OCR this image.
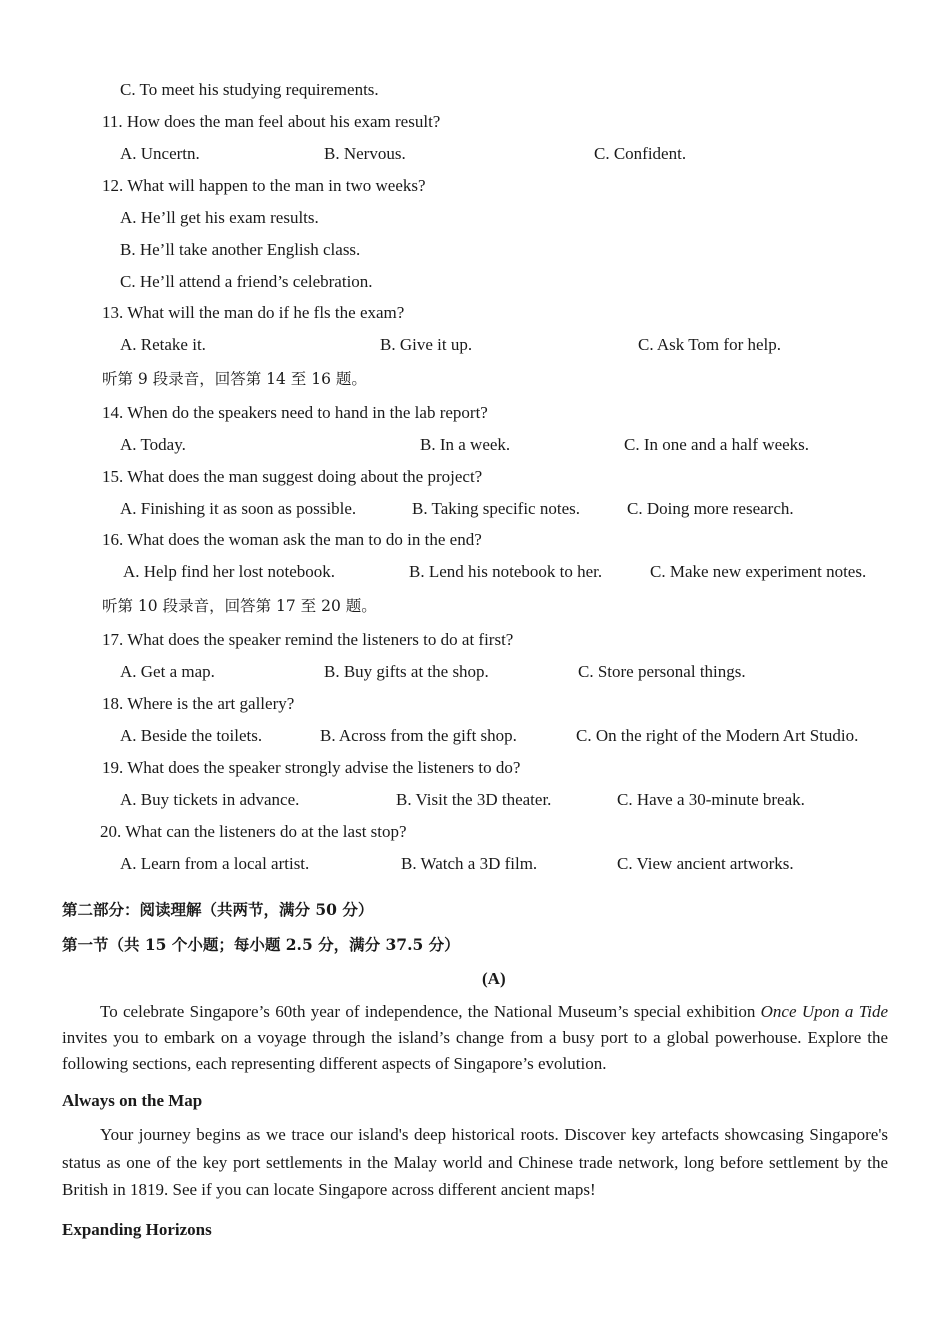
C. To meet his studying requirements.
11. How does the man feel about his exam result?
A. Uncertn.	B. Nervous.	C. Confident.
12. What will happen to the man in two weeks?
A. He’ll get his exam results.
B. He’ll take another English class.
C. He’ll attend a friend’s celebration.
13. What will the man do if he fls the exam?
A. Retake it.	B. Give it up.	C. Ask Tom for help.
听第 9 段录音，回答第 14 至 16 题。
14. When do the speakers need to hand in the lab report?
A. Today.	B. In a week.	C. In one and a half weeks.
15. What does the man suggest doing about the project?
A. Finishing it as soon as possible.	B. Taking specific notes.	C. Doing more research.
16. What does the woman ask the man to do in the end?
A. Help find her lost notebook.	B. Lend his notebook to her.	C. Make new experiment notes.
听第 10 段录音，回答第 17 至 20 题。
17. What does the speaker remind the listeners to do at first?
A. Get a map.	B. Buy gifts at the shop.	C. Store personal things.
18. Where is the art gallery?
A. Beside the toilets.	B. Across from the gift shop.	C. On the right of the Modern Art Studio.
19. What does the speaker strongly advise the listeners to do?
A. Buy tickets in advance.	B. Visit the 3D theater.	C. Have a 30-minute break.
20. What can the listeners do at the last stop?
A. Learn from a local artist.	B. Watch a 3D film.	C. View ancient artworks.
第二部分：阅读理解（共两节，满分 50 分）
第一节（共 15 个小题；每小题 2.5 分，满分 37.5 分）
(A)
To celebrate Singapore’s 60th year of independence, the National Museum’s special exhibition Once Upon a Tide invites you to embark on a voyage through the island’s change from a busy port to a global powerhouse. Explore the following sections, each representing different aspects of Singapore’s evolution.
Always on the Map
Your journey begins as we trace our island's deep historical roots. Discover key artefacts showcasing Singapore's status as one of the key port settlements in the Malay world and Chinese trade network, long before settlement by the British in 1819. See if you can locate Singapore across different ancient maps!
Expanding Horizons
